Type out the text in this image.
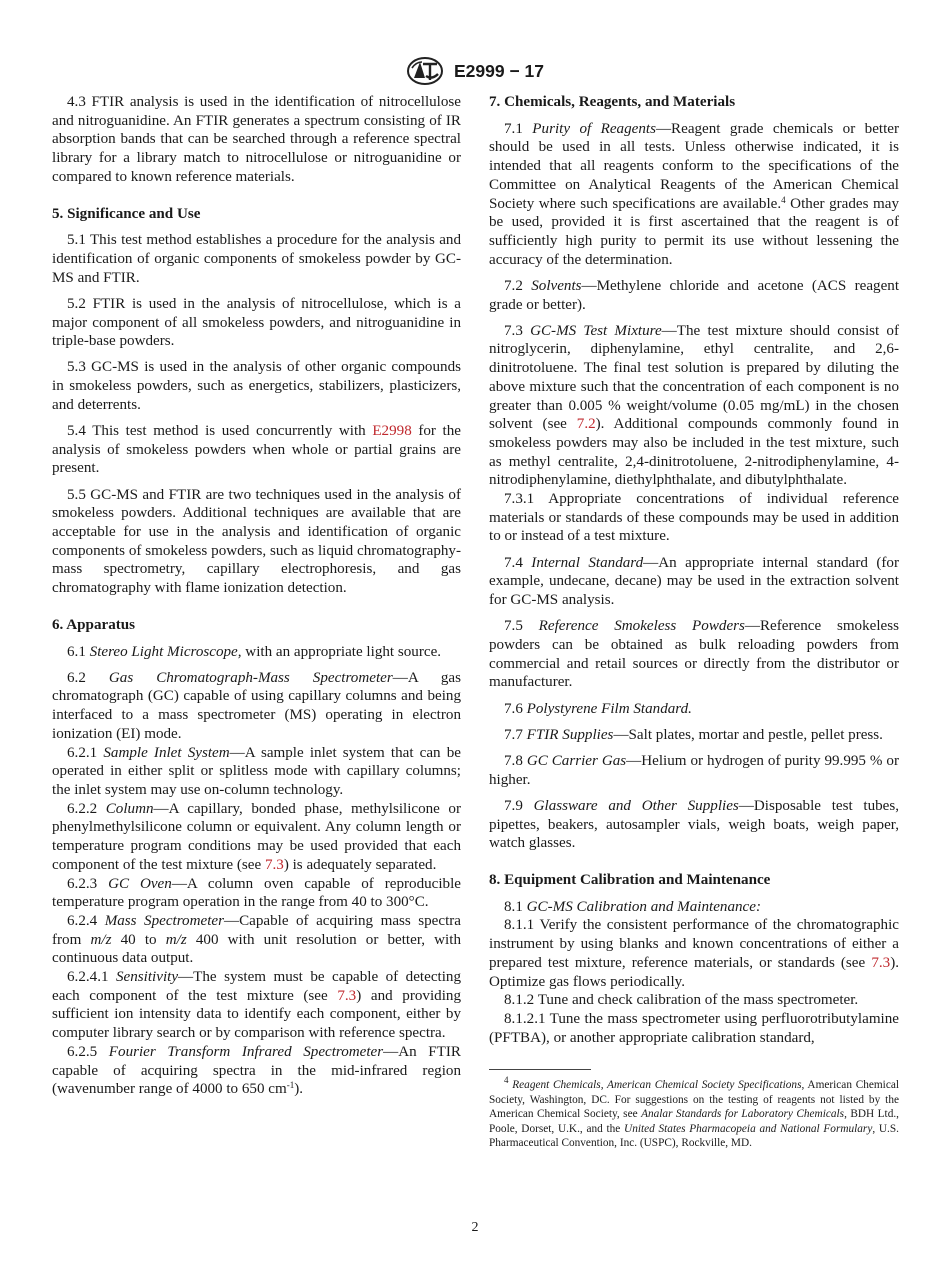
E2999 − 17

4.3 FTIR analysis is used in the identification of nitrocellulose and nitroguanidine. An FTIR generates a spectrum consisting of IR absorption bands that can be searched through a reference spectral library for a library match to nitrocellulose or nitroguanidine or compared to known reference materials.

5. Significance and Use

5.1 This test method establishes a procedure for the analysis and identification of organic components of smokeless powder by GC-MS and FTIR.

5.2 FTIR is used in the analysis of nitrocellulose, which is a major component of all smokeless powders, and nitroguanidine in triple-base powders.

5.3 GC-MS is used in the analysis of other organic compounds in smokeless powders, such as energetics, stabilizers, plasticizers, and deterrents.

5.4 This test method is used concurrently with E2998 for the analysis of smokeless powders when whole or partial grains are present.

5.5 GC-MS and FTIR are two techniques used in the analysis of smokeless powders. Additional techniques are available that are acceptable for use in the analysis and identification of organic components of smokeless powders, such as liquid chromatography-mass spectrometry, capillary electrophoresis, and gas chromatography with flame ionization detection.

6. Apparatus

6.1 Stereo Light Microscope, with an appropriate light source.

6.2 Gas Chromatograph-Mass Spectrometer—A gas chromatograph (GC) capable of using capillary columns and being interfaced to a mass spectrometer (MS) operating in electron ionization (EI) mode.

6.2.1 Sample Inlet System—A sample inlet system that can be operated in either split or splitless mode with capillary columns; the inlet system may use on-column technology.

6.2.2 Column—A capillary, bonded phase, methylsilicone or phenylmethylsilicone column or equivalent. Any column length or temperature program conditions may be used provided that each component of the test mixture (see 7.3) is adequately separated.

6.2.3 GC Oven—A column oven capable of reproducible temperature program operation in the range from 40 to 300°C.

6.2.4 Mass Spectrometer—Capable of acquiring mass spectra from m/z 40 to m/z 400 with unit resolution or better, with continuous data output.

6.2.4.1 Sensitivity—The system must be capable of detecting each component of the test mixture (see 7.3) and providing sufficient ion intensity data to identify each component, either by computer library search or by comparison with reference spectra.

6.2.5 Fourier Transform Infrared Spectrometer—An FTIR capable of acquiring spectra in the mid-infrared region (wavenumber range of 4000 to 650 $cm^{-1}$).

7. Chemicals, Reagents, and Materials

7.1 Purity of Reagents—Reagent grade chemicals or better should be used in all tests. Unless otherwise indicated, it is intended that all reagents conform to the specifications of the Committee on Analytical Reagents of the American Chemical Society where such specifications are available.$^4$ Other grades may be used, provided it is first ascertained that the reagent is of sufficiently high purity to permit its use without lessening the accuracy of the determination.

7.2 Solvents—Methylene chloride and acetone (ACS reagent grade or better).

7.3 GC-MS Test Mixture—The test mixture should consist of nitroglycerin, diphenylamine, ethyl centralite, and 2,6-dinitrotoluene. The final test solution is prepared by diluting the above mixture such that the concentration of each component is no greater than 0.005 % weight/volume (0.05 mg/mL) in the chosen solvent (see 7.2). Additional compounds commonly found in smokeless powders may also be included in the test mixture, such as methyl centralite, 2,4-dinitrotoluene, 2-nitrodiphenylamine, 4-nitrodiphenylamine, diethylphthalate, and dibutylphthalate.

7.3.1 Appropriate concentrations of individual reference materials or standards of these compounds may be used in addition to or instead of a test mixture.

7.4 Internal Standard—An appropriate internal standard (for example, undecane, decane) may be used in the extraction solvent for GC-MS analysis.

7.5 Reference Smokeless Powders—Reference smokeless powders can be obtained as bulk reloading powders from commercial and retail sources or directly from the distributor or manufacturer.

7.6 Polystyrene Film Standard.

7.7 FTIR Supplies—Salt plates, mortar and pestle, pellet press.

7.8 GC Carrier Gas—Helium or hydrogen of purity 99.995 % or higher.

7.9 Glassware and Other Supplies—Disposable test tubes, pipettes, beakers, autosampler vials, weigh boats, weigh paper, watch glasses.

8. Equipment Calibration and Maintenance

8.1 GC-MS Calibration and Maintenance:

8.1.1 Verify the consistent performance of the chromatographic instrument by using blanks and known concentrations of either a prepared test mixture, reference materials, or standards (see 7.3). Optimize gas flows periodically.

8.1.2 Tune and check calibration of the mass spectrometer.

8.1.2.1 Tune the mass spectrometer using perfluorotributylamine (PFTBA), or another appropriate calibration standard,

$^4$ Reagent Chemicals, American Chemical Society Specifications, American Chemical Society, Washington, DC. For suggestions on the testing of reagents not listed by the American Chemical Society, see Analar Standards for Laboratory Chemicals, BDH Ltd., Poole, Dorset, U.K., and the United States Pharmacopeia and National Formulary, U.S. Pharmaceutical Convention, Inc. (USPC), Rockville, MD.

2
